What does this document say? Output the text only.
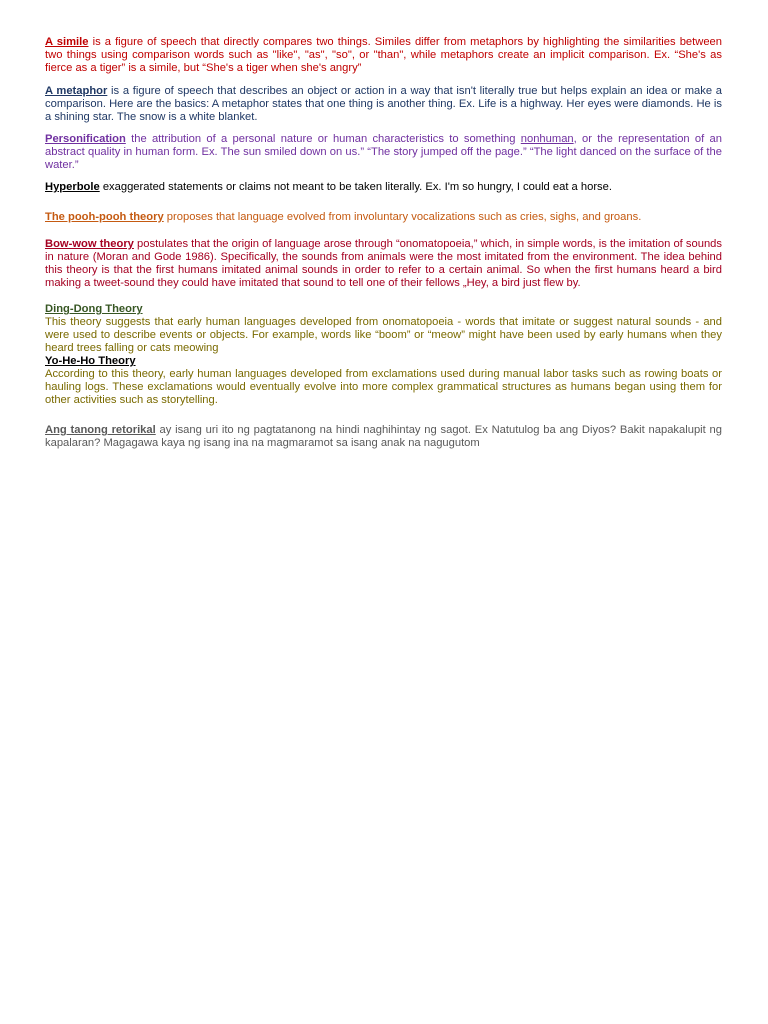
A simile is a figure of speech that directly compares two things. Similes differ from metaphors by highlighting the similarities between two things using comparison words such as "like", "as", "so", or "than", while metaphors create an implicit comparison. Ex. “She's as fierce as a tiger” is a simile, but “She's a tiger when she's angry”

A metaphor is a figure of speech that describes an object or action in a way that isn't literally true but helps explain an idea or make a comparison. Here are the basics: A metaphor states that one thing is another thing. Ex. Life is a highway. Her eyes were diamonds. He is a shining star. The snow is a white blanket.

Personification the attribution of a personal nature or human characteristics to something nonhuman, or the representation of an abstract quality in human form. Ex. The sun smiled down on us.” “The story jumped off the page.” “The light danced on the surface of the water.”

Hyperbole exaggerated statements or claims not meant to be taken literally. Ex. I'm so hungry, I could eat a horse.

The pooh-pooh theory proposes that language evolved from involuntary vocalizations such as cries, sighs, and groans.

Bow-wow theory postulates that the origin of language arose through “onomatopoeia,” which, in simple words, is the imitation of sounds in nature (Moran and Gode 1986). Specifically, the sounds from animals were the most imitated from the environment. The idea behind this theory is that the first humans imitated animal sounds in order to refer to a certain animal. So when the first humans heard a bird making a tweet-sound they could have imitated that sound to tell one of their fellows „Hey, a bird just flew by.

Ding-Dong Theory

This theory suggests that early human languages developed from onomatopoeia - words that imitate or suggest natural sounds - and were used to describe events or objects. For example, words like “boom” or “meow” might have been used by early humans when they heard trees falling or cats meowing

Yo-He-Ho Theory

According to this theory, early human languages developed from exclamations used during manual labor tasks such as rowing boats or hauling logs. These exclamations would eventually evolve into more complex grammatical structures as humans began using them for other activities such as storytelling.

Ang tanong retorikal ay isang uri ito ng pagtatanong na hindi naghihintay ng sagot. Ex Natutulog ba ang Diyos? Bakit napakalupit ng kapalaran? Magagawa kaya ng isang ina na magmaramot sa isang anak na nagugutom
